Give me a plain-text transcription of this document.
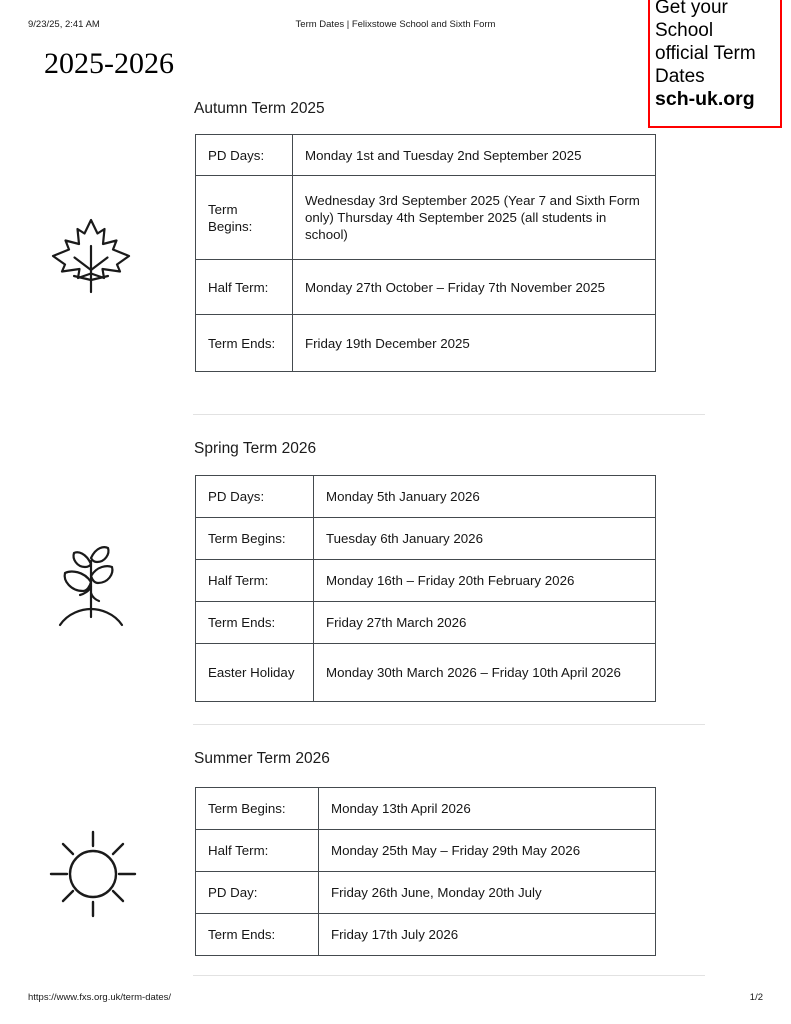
9/23/25, 2:41 AM	Term Dates | Felixstowe School and Sixth Form
2025-2026
Get your
School
official Term
Dates
sch-uk.org
Autumn Term 2025
PD Days:	Monday 1st and Tuesday 2nd September 2025
Term Begins:	Wednesday 3rd September 2025 (Year 7 and Sixth Form only) Thursday 4th September 2025 (all students in school)
Half Term:	Monday 27th October – Friday 7th November 2025
Term Ends:	Friday 19th December 2025
Spring Term 2026
PD Days:	Monday 5th January 2026
Term Begins:	Tuesday 6th January 2026
Half Term:	Monday 16th – Friday 20th February 2026
Term Ends:	Friday 27th March 2026
Easter Holiday	Monday 30th March 2026 – Friday 10th April 2026
Summer Term 2026
Term Begins:	Monday 13th April 2026
Half Term:	Monday 25th May – Friday 29th May 2026
PD Day:	Friday 26th June, Monday 20th July
Term Ends:	Friday 17th July 2026
https://www.fxs.org.uk/term-dates/	1/2
